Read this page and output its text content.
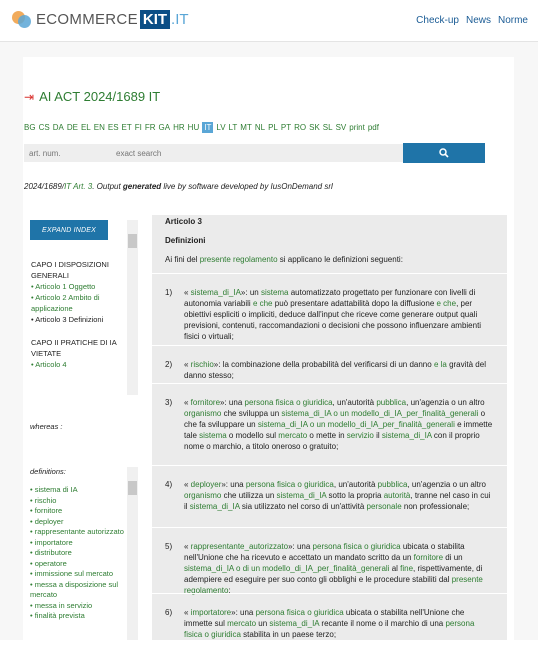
ECOMMERCE KIT .IT	Check-up News Norme
⇥ AI ACT 2024/1689 IT
BG CS DA DE EL EN ES ET FI FR GA HR HU IT LV LT MT NL PL PT RO SK SL SV print pdf
art. num.
exact search
2024/1689/IT Art. 3. Output generated live by software developed by IusOnDemand srl
EXPAND INDEX
CAPO I DISPOSIZIONI GENERALI
• Articolo 1 Oggetto
• Articolo 2 Ambito di applicazione
• Articolo 3 Definizioni
CAPO II PRATICHE DI IA VIETATE
• Articolo 4
whereas :
definitions:
• sistema di IA
• rischio
• fornitore
• deployer
• rappresentante autorizzato
• importatore
• distributore
• operatore
• immissione sul mercato
• messa a disposizione sul mercato
• messa in servizio
• finalità prevista
Articolo 3
Definizioni
Ai fini del presente regolamento si applicano le definizioni seguenti:
1) « sistema_di_IA»: un sistema automatizzato progettato per funzionare con livelli di autonomia variabili e che può presentare adattabilità dopo la diffusione e che, per obiettivi espliciti o impliciti, deduce dall'input che riceve come generare output quali previsioni, contenuti, raccomandazioni o decisioni che possono influenzare ambienti fisici o virtuali;
2) « rischio»: la combinazione della probabilità del verificarsi di un danno e la gravità del danno stesso;
3) « fornitore»: una persona fisica o giuridica, un'autorità pubblica, un'agenzia o un altro organismo che sviluppa un sistema_di_IA o un modello_di_IA_per_finalità_generali o che fa sviluppare un sistema_di_IA o un modello_di_IA_per_finalità_generali e immette tale sistema o modello sul mercato o mette in servizio il sistema_di_IA con il proprio nome o marchio, a titolo oneroso o gratuito;
4) « deployer»: una persona fisica o giuridica, un'autorità pubblica, un'agenzia o un altro organismo che utilizza un sistema_di_IA sotto la propria autorità, tranne nel caso in cui il sistema_di_IA sia utilizzato nel corso di un'attività personale non professionale;
5) « rappresentante_autorizzato»: una persona fisica o giuridica ubicata o stabilita nell'Unione che ha ricevuto e accettato un mandato scritto da un fornitore di un sistema_di_IA o di un modello_di_IA_per_finalità_generali al fine, rispettivamente, di adempiere ed eseguire per suo conto gli obblighi e le procedure stabiliti dal presente regolamento;
6) « importatore»: una persona fisica o giuridica ubicata o stabilita nell'Unione che immette sul mercato un sistema_di_IA recante il nome o il marchio di una persona fisica o giuridica stabilita in un paese terzo;
